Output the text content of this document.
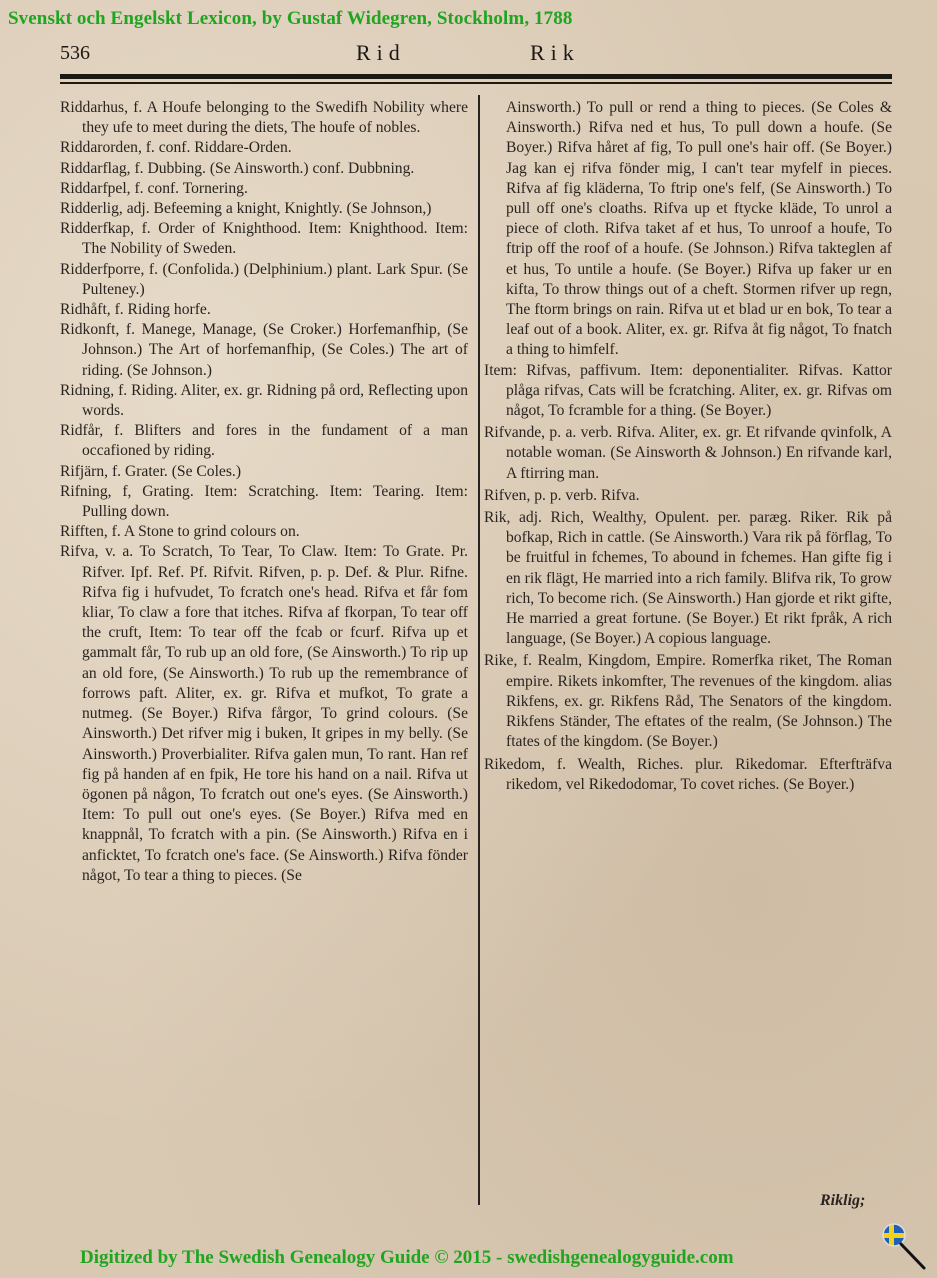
Svenskt och Engelskt Lexicon, by Gustaf Widegren, Stockholm, 1788
536	Rid	Rik

Riddarhus, f. A Houfe belonging to the Swedifh Nobility where they ufe to meet during the diets, The houfe of nobles.

Riddarorden, f. conf. Riddare-Orden.

Riddarflag, f. Dubbing. (Se Ainsworth.) conf. Dubbning.

Riddarfpel, f. conf. Tornering.

Ridderlig, adj. Befeeming a knight, Knightly. (Se Johnson,)

Ridderfkap, f. Order of Knighthood. Item: Knighthood. Item: The Nobility of Sweden.

Ridderfporre, f. (Confolida.) (Delphinium.) plant. Lark Spur. (Se Pulteney.)

Ridhåft, f. Riding horfe.

Ridkonft, f. Manege, Manage, (Se Croker.) Horfemanfhip, (Se Johnson.) The Art of horfemanfhip, (Se Coles.) The art of riding. (Se Johnson.)

Ridning, f. Riding. Aliter, ex. gr. Ridning på ord, Reflecting upon words.

Ridfår, f. Blifters and fores in the fundament of a man occafioned by riding.

Rifjärn, f. Grater. (Se Coles.)

Rifning, f, Grating. Item: Scratching. Item: Tearing. Item: Pulling down.

Rifften, f. A Stone to grind colours on.

Rifva, v. a. To Scratch, To Tear, To Claw. Item: To Grate. Pr. Rifver. Ipf. Ref. Pf. Rifvit. Rifven, p. p. Def. & Plur. Rifne. Rifva fig i hufvudet, To fcratch one's head. Rifva et får fom kliar, To claw a fore that itches. Rifva af fkorpan, To tear off the cruft, Item: To tear off the fcab or fcurf. Rifva up et gammalt får, To rub up an old fore, (Se Ainsworth.) To rip up an old fore, (Se Ainsworth.) To rub up the remembrance of forrows paft. Aliter, ex. gr. Rifva et mufkot, To grate a nutmeg. (Se Boyer.) Rifva fårgor, To grind colours. (Se Ainsworth.) Det rifver mig i buken, It gripes in my belly. (Se Ainsworth.) Proverbialiter. Rifva galen mun, To rant. Han ref fig på handen af en fpik, He tore his hand on a nail. Rifva ut ögonen på någon, To fcratch out one's eyes. (Se Ainsworth.) Item: To pull out one's eyes. (Se Boyer.) Rifva med en knappnål, To fcratch with a pin. (Se Ainsworth.) Rifva en i anficktet, To fcratch one's face. (Se Ainsworth.) Rifva fönder något, To tear a thing to pieces. (Se

Ainsworth.) To pull or rend a thing to pieces. (Se Coles & Ainsworth.) Rifva ned et hus, To pull down a houfe. (Se Boyer.) Rifva håret af fig, To pull one's hair off. (Se Boyer.) Jag kan ej rifva fönder mig, I can't tear myfelf in pieces. Rifva af fig kläderna, To ftrip one's felf, (Se Ainsworth.) To pull off one's cloaths. Rifva up et ftycke kläde, To unrol a piece of cloth. Rifva taket af et hus, To unroof a houfe, To ftrip off the roof of a houfe. (Se Johnson.) Rifva takteglen af et hus, To untile a houfe. (Se Boyer.) Rifva up faker ur en kifta, To throw things out of a cheft. Stormen rifver up regn, The ftorm brings on rain. Rifva ut et blad ur en bok, To tear a leaf out of a book. Aliter, ex. gr. Rifva åt fig något, To fnatch a thing to himfelf.

Item: Rifvas, paffivum. Item: deponentialiter. Rifvas. Kattor plåga rifvas, Cats will be fcratching. Aliter, ex. gr. Rifvas om något, To fcramble for a thing. (Se Boyer.)

Rifvande, p. a. verb. Rifva. Aliter, ex. gr. Et rifvande qvinfolk, A notable woman. (Se Ainsworth & Johnson.) En rifvande karl, A ftirring man.

Rifven, p. p. verb. Rifva.

Rik, adj. Rich, Wealthy, Opulent. per. paræg. Riker. Rik på bofkap, Rich in cattle. (Se Ainsworth.) Vara rik på förflag, To be fruitful in fchemes, To abound in fchemes. Han gifte fig i en rik flägt, He married into a rich family. Blifva rik, To grow rich, To become rich. (Se Ainsworth.) Han gjorde et rikt gifte, He married a great fortune. (Se Boyer.) Et rikt fpråk, A rich language, (Se Boyer.) A copious language.

Rike, f. Realm, Kingdom, Empire. Romerfka riket, The Roman empire. Rikets inkomfter, The revenues of the kingdom. alias Rikfens, ex. gr. Rikfens Råd, The Senators of the kingdom. Rikfens Ständer, The eftates of the realm, (Se Johnson.) The ftates of the kingdom. (Se Boyer.)

Rikedom, f. Wealth, Riches. plur. Rikedomar. Efterfträfva rikedom, vel Rikedodomar, To covet riches. (Se Boyer.)

Riklig;
Digitized by The Swedish Genealogy Guide © 2015 - swedishgenealogyguide.com
